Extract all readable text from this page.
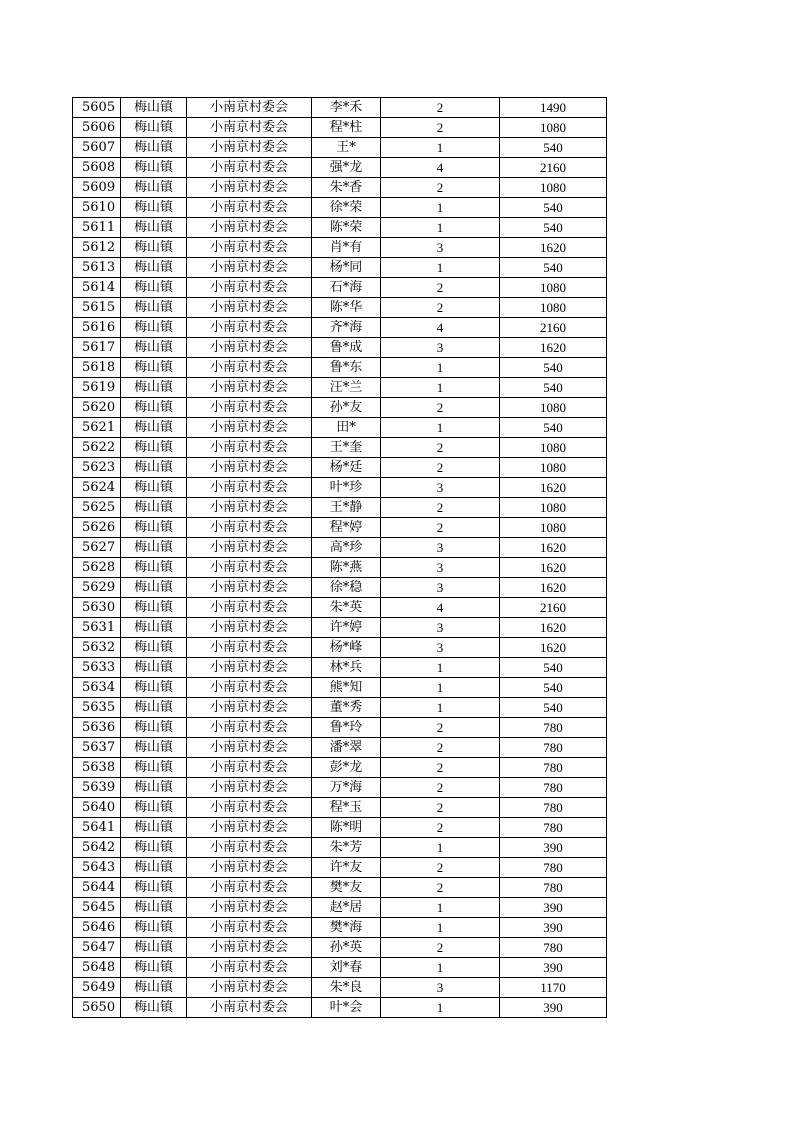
5605	梅山镇	小南京村委会	李*禾	2	1490
5606	梅山镇	小南京村委会	程*柱	2	1080
5607	梅山镇	小南京村委会	王*	1	540
5608	梅山镇	小南京村委会	强*龙	4	2160
5609	梅山镇	小南京村委会	朱*香	2	1080
5610	梅山镇	小南京村委会	徐*荣	1	540
5611	梅山镇	小南京村委会	陈*荣	1	540
5612	梅山镇	小南京村委会	肖*有	3	1620
5613	梅山镇	小南京村委会	杨*同	1	540
5614	梅山镇	小南京村委会	石*海	2	1080
5615	梅山镇	小南京村委会	陈*华	2	1080
5616	梅山镇	小南京村委会	齐*海	4	2160
5617	梅山镇	小南京村委会	鲁*成	3	1620
5618	梅山镇	小南京村委会	鲁*东	1	540
5619	梅山镇	小南京村委会	汪*兰	1	540
5620	梅山镇	小南京村委会	孙*友	2	1080
5621	梅山镇	小南京村委会	田*	1	540
5622	梅山镇	小南京村委会	王*奎	2	1080
5623	梅山镇	小南京村委会	杨*廷	2	1080
5624	梅山镇	小南京村委会	叶*珍	3	1620
5625	梅山镇	小南京村委会	王*静	2	1080
5626	梅山镇	小南京村委会	程*婷	2	1080
5627	梅山镇	小南京村委会	高*珍	3	1620
5628	梅山镇	小南京村委会	陈*燕	3	1620
5629	梅山镇	小南京村委会	徐*稳	3	1620
5630	梅山镇	小南京村委会	朱*英	4	2160
5631	梅山镇	小南京村委会	许*婷	3	1620
5632	梅山镇	小南京村委会	杨*峰	3	1620
5633	梅山镇	小南京村委会	林*兵	1	540
5634	梅山镇	小南京村委会	熊*知	1	540
5635	梅山镇	小南京村委会	董*秀	1	540
5636	梅山镇	小南京村委会	鲁*玲	2	780
5637	梅山镇	小南京村委会	潘*翠	2	780
5638	梅山镇	小南京村委会	彭*龙	2	780
5639	梅山镇	小南京村委会	万*海	2	780
5640	梅山镇	小南京村委会	程*玉	2	780
5641	梅山镇	小南京村委会	陈*明	2	780
5642	梅山镇	小南京村委会	朱*芳	1	390
5643	梅山镇	小南京村委会	许*友	2	780
5644	梅山镇	小南京村委会	樊*友	2	780
5645	梅山镇	小南京村委会	赵*居	1	390
5646	梅山镇	小南京村委会	樊*海	1	390
5647	梅山镇	小南京村委会	孙*英	2	780
5648	梅山镇	小南京村委会	刘*春	1	390
5649	梅山镇	小南京村委会	朱*良	3	1170
5650	梅山镇	小南京村委会	叶*会	1	390
